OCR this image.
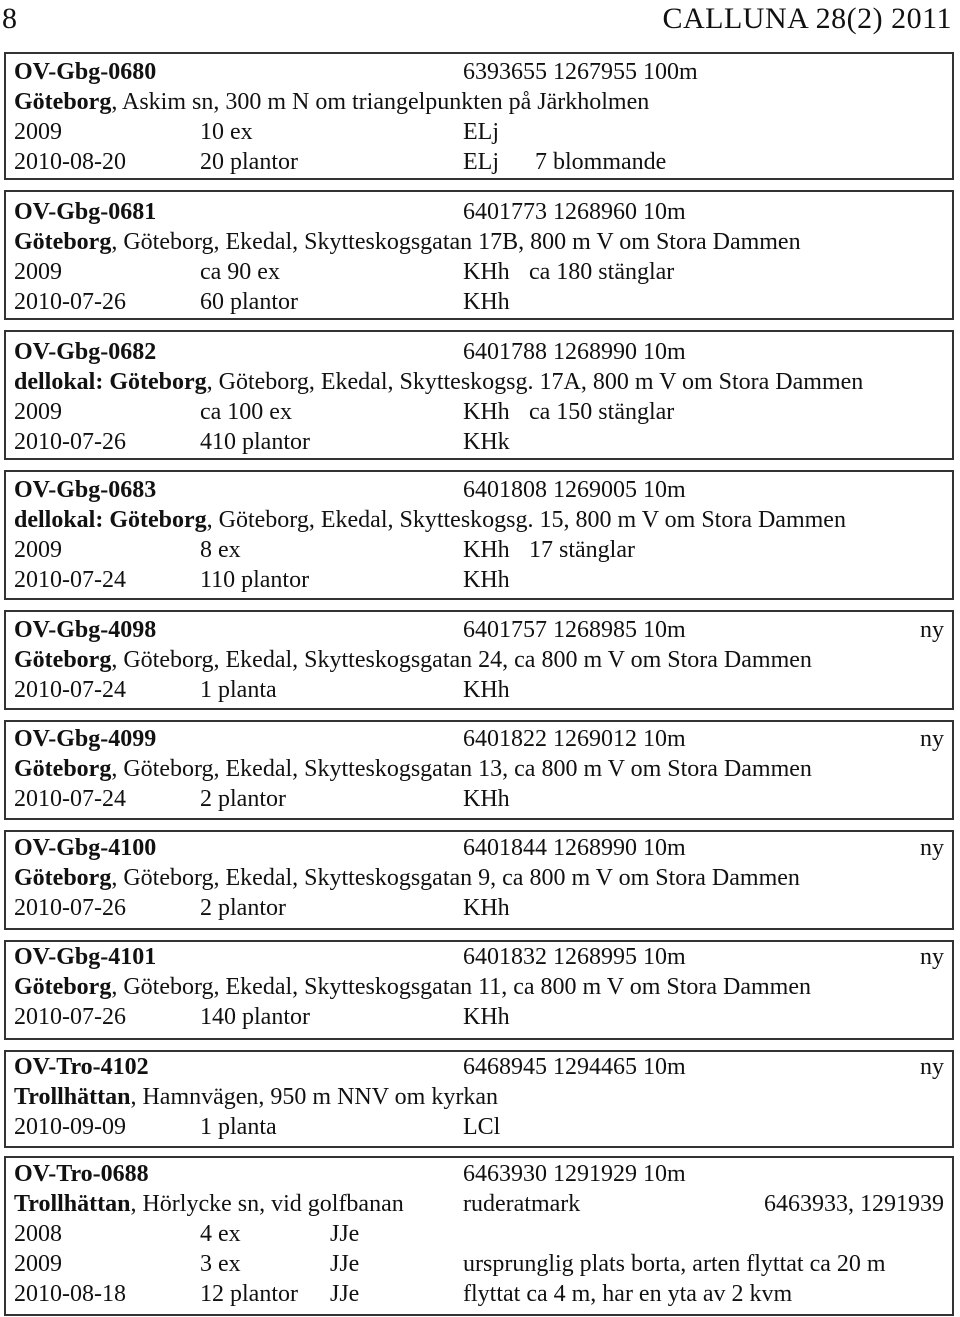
8	CALLUNA 28(2) 2011
OV-Gbg-0680	6393655 1267955 100m
Göteborg, Askim sn, 300 m N om triangelpunkten på Järkholmen
2009	10 ex	ELj
2010-08-20	20 plantor	ELj 7 blommande
OV-Gbg-0681	6401773 1268960 10m
Göteborg, Göteborg, Ekedal, Skytteskogsgatan 17B, 800 m V om Stora Dammen
2009	ca 90 ex	KHh ca 180 stänglar
2010-07-26	60 plantor	KHh
OV-Gbg-0682	6401788 1268990 10m
dellokal: Göteborg, Göteborg, Ekedal, Skytteskogsg. 17A, 800 m V om Stora Dammen
2009	ca 100 ex	KHh ca 150 stänglar
2010-07-26	410 plantor	KHk
OV-Gbg-0683	6401808 1269005 10m
dellokal: Göteborg, Göteborg, Ekedal, Skytteskogsg. 15, 800 m V om Stora Dammen
2009	8 ex	KHh 17 stänglar
2010-07-24	110 plantor	KHh
OV-Gbg-4098	6401757 1268985 10m	ny
Göteborg, Göteborg, Ekedal, Skytteskogsgatan 24, ca 800 m V om Stora Dammen
2010-07-24	1 planta	KHh
OV-Gbg-4099	6401822 1269012 10m	ny
Göteborg, Göteborg, Ekedal, Skytteskogsgatan 13, ca 800 m V om Stora Dammen
2010-07-24	2 plantor	KHh
OV-Gbg-4100	6401844 1268990 10m	ny
Göteborg, Göteborg, Ekedal, Skytteskogsgatan 9, ca 800 m V om Stora Dammen
2010-07-26	2 plantor	KHh
OV-Gbg-4101	6401832 1268995 10m	ny
Göteborg, Göteborg, Ekedal, Skytteskogsgatan 11, ca 800 m V om Stora Dammen
2010-07-26	140 plantor	KHh
OV-Tro-4102	6468945 1294465 10m	ny
Trollhättan, Hamnvägen, 950 m NNV om kyrkan
2010-09-09	1 planta	LCl
OV-Tro-0688	6463930 1291929 10m
Trollhättan, Hörlycke sn, vid golfbanan ruderatmark	6463933, 1291939
2008	4 ex	JJe
2009	3 ex	JJe	ursprunglig plats borta, arten flyttat ca 20 m
2010-08-18	12 plantor JJe	flyttat ca 4 m, har en yta av 2 kvm
